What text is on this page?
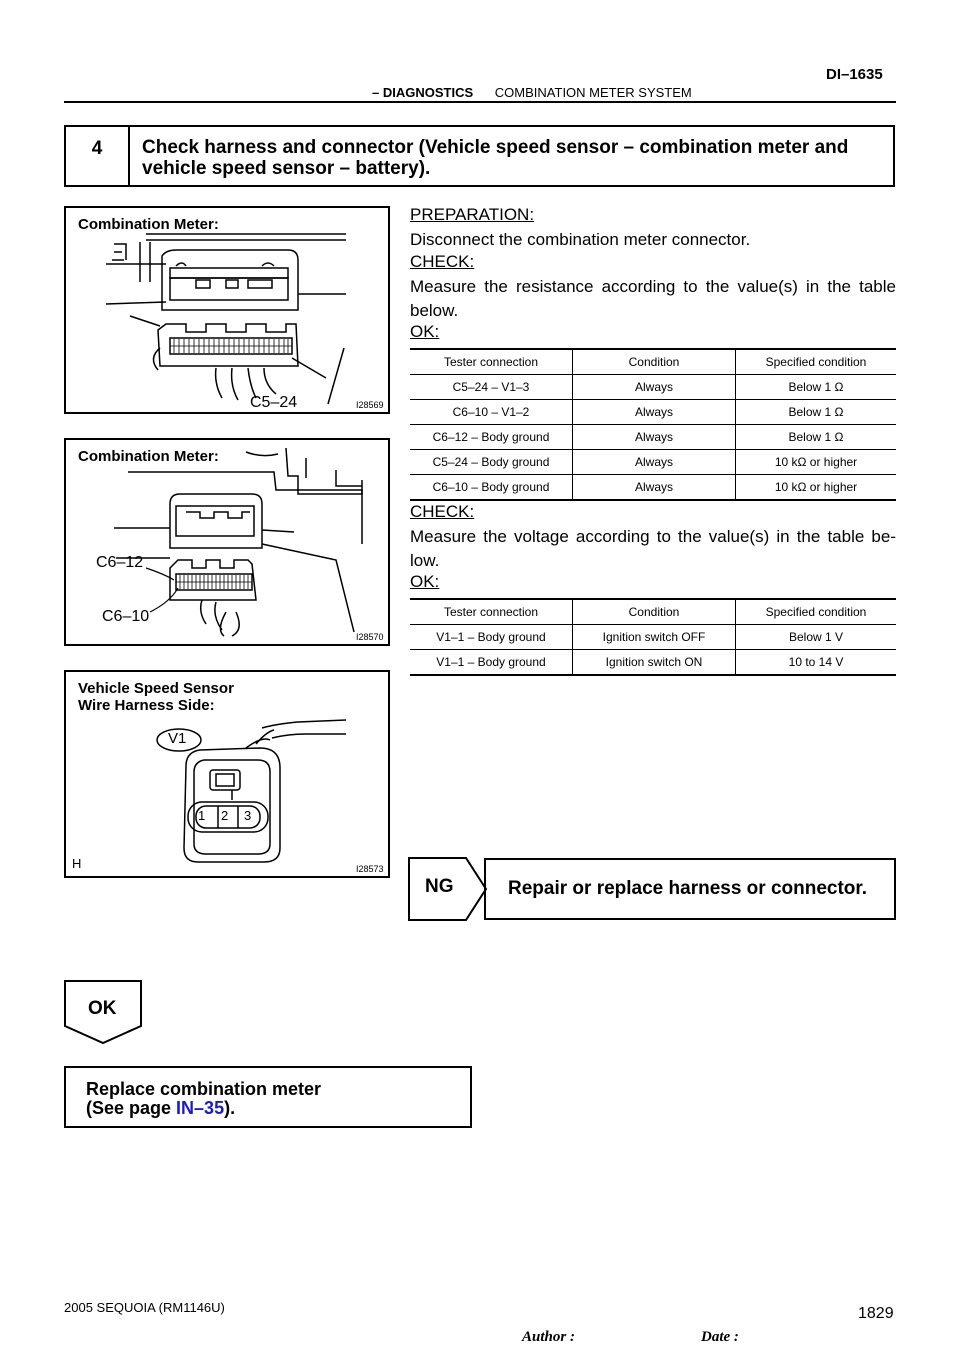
– DIAGNOSTICS COMBINATION METER SYSTEM
DI–1635
4	Check harness and connector (Vehicle speed sensor – combination meter and
vehicle speed sensor – battery).
Combination Meter:
C5–24	I28569
Combination Meter:
C6–12
C6–10
I28570
Vehicle Speed Sensor
Wire Harness Side:
V1
1 2 3
H	I28573
PREPARATION:
Disconnect the combination meter connector.
CHECK:
Measure the resistance according to the value(s) in the table below.
OK:
Tester connection	Condition	Specified condition
C5–24 – V1–3	Always	Below 1 Ω
C6–10 – V1–2	Always	Below 1 Ω
C6–12 – Body ground	Always	Below 1 Ω
C5–24 – Body ground	Always	10 kΩ or higher
C6–10 – Body ground	Always	10 kΩ or higher
CHECK:
Measure the voltage according to the value(s) in the table be- low.
OK:
Tester connection	Condition	Specified condition
V1–1 – Body ground	Ignition switch OFF	Below 1 V
V1–1 – Body ground	Ignition switch ON	10 to 14 V
NG	Repair or replace harness or connector.
OK
Replace combination meter
(See page IN–35).
2005 SEQUOIA (RM1146U)	1829
Author :	Date :
